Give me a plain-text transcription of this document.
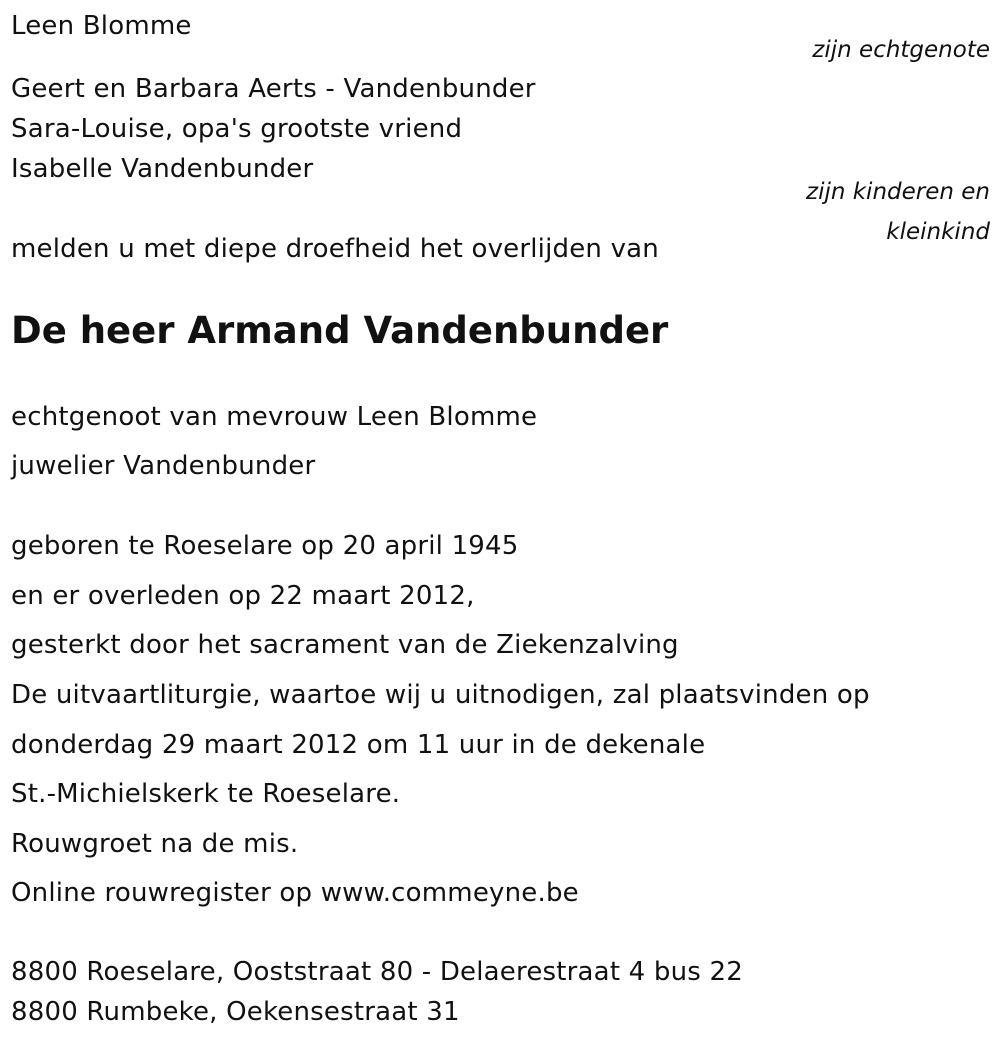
Leen Blomme
zijn echtgenote
Geert en Barbara Aerts - Vandenbunder
Sara-Louise, opa's grootste vriend
Isabelle Vandenbunder
zijn kinderen en
kleinkind
melden u met diepe droefheid het overlijden van
De heer Armand Vandenbunder
echtgenoot van mevrouw Leen Blomme
juwelier Vandenbunder
geboren te Roeselare op 20 april 1945
en er overleden op 22 maart 2012,
gesterkt door het sacrament van de Ziekenzalving
De uitvaartliturgie, waartoe wij u uitnodigen, zal plaatsvinden op
donderdag 29 maart 2012 om 11 uur in de dekenale
St.-Michielskerk te Roeselare.
Rouwgroet na de mis.
Online rouwregister op www.commeyne.be
8800 Roeselare, Ooststraat 80 - Delaerestraat 4 bus 22
8800 Rumbeke, Oekensestraat 31
